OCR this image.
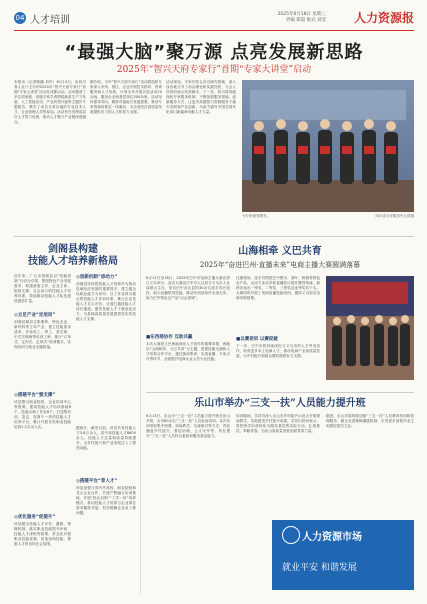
04 人才培训
2025年6月18日 星期三
责编 郑超 版式 刘莹 人力资源报
“最强大脑”聚万源 点亮发展新思路
2025年“智兴天府专家行”首期“专家大讲堂”启动
本报讯（记者陈璐 刘丹）6月13日，由四川省人社厅主办的2025年“智兴天府专家行”首期“专家大讲堂”活动在成都启动。活动邀请了多位国家级、省级专家学者围绕新质生产力发展、人工智能应用、产业转型升级等主题作专题报告，吸引了来自全省各地的专业技术人才、企业管理人员等参加。活动旨在发挥高层次人才智力优势，推动人才链与产业链深度融合。
据介绍，今年“智兴天府专家行”活动将组织专家深入市州、园区、企业开展技术指导、咨询服务和人才培养，计划全年开展各类活动20余场，服务企业和基层单位300余家。活动坚持需求导向，精准对接地方发展需要，推动专家资源向基层一线流动，为全省经济高质量发展提供有力的人才和智力支撑。
活动现场，专家们结合各自研究领域，深入浅出地分享了前沿理论和实践经验，与会人员纷纷表示收获颇丰。下一步，四川将持续深化专家服务机制，不断拓展服务领域，创新服务方式，让更多高端智力资源服务于地方发展和产业创新，为奋力谱写中国式现代化四川新篇章贡献人才力量。
为专家颁发聘书。	四川省专家服务中心供图
剑阁县构建
技能人才培养新格局
近年来，广元市剑阁县以“技能剑阁”行动为引领，围绕特色产业发展需求，构建政府主导、企业主体、院校支撑、社会参与的技能人才培养体系，持续推动技能人才队伍建设提质扩量。
◎立足产业“定培训”
剑阁县紧扣文旅康养、特色农业、新材料等主导产业，建立技能需求清单，开设电工、焊工、茶艺师、中式烹调师等培训工种，推行“订单式、定向式、定岗式”培训模式，实现培训与就业无缝衔接。
◎搭建平台“强支撑”
该县整合职业院校、企业培训中心等资源，建成技能人才培训基地8个、技能大师工作室6个，打造集培训、鉴定、竞赛于一体的技能人才培养平台，累计开展各类职业技能培训1.2万余人次。
◎优化服务“促提升”
该县健全技能人才评价、激励、保障机制，落实职业技能提升补贴、技能人才津贴等政策，常态化开展职业技能竞赛，营造崇尚技能、尊重人才的良好社会氛围。
◎创新机制“添动力”
剑阁县坚持把技能人才培养作为推动县域经济发展的重要抓手，建立健全以职业能力为导向、以工作业绩为重点的技能人才评价体系，推行企业技能人才自主评价，全面打通技能人才成长通道，激发技能人才干事创业活力，为县域高质量发展提供坚实的技能人才支撑。
据统计，截至目前，该县共有技能人才3.8万余人，其中高技能人才8600余人，技能人才总量和质量持续提升，为乡村振兴和产业发展注入了强劲动能。
◎搭建平台“育人才”
该县加强与省内外高校、职业院校和龙头企业合作，共建产教融合实训基地，开展“校企双制”“工学一体”培养模式，推动技能人才培养与企业岗位需求精准对接，有效缓解企业用工难问题。
山海相牵 义巴共育
2025年“奋进巴州·直播未来”电商主播大赛圆满落幕
6月12日至16日，2025年巴中市电商主播大赛在浙江义乌举行，此次大赛由巴中市人社局与义乌市人社局联合主办，来自巴中各区县的30余名选手同台竞技，展示直播带货技能，推动东西部协作走深走实，助力巴中特色农产品“出山进城”。
■东西部协作 互助共赢
本次大赛是义巴两地深化人才协作的重要举措，两地以“山海相牵、义巴共育”为主题，搭建技能交流和人才培养合作平台，通过赛前集训、实战直播、专家点评等环节，全面提升电商从业人员专业技能。
比赛现场，选手们围绕巴中银耳、茶叶、核桃等特色农产品，运用专业话术和直播技巧展开激烈角逐，最终评选出一等奖、二等奖、三等奖及优秀奖若干名。大赛同时开展了电商直播技能培训，邀请义乌知名电商导师授课。
■以赛促训 以赛促就
下一步，巴中市将持续深化与义乌市的人才劳务协作，培育更多本土电商人才，推动电商产业高质量发展，为乡村振兴和群众增收提供有力支撑。
乐山市举办“三支一扶”人员能力提升班
6月13日，乐山市“三支一扶”人员能力提升班在乐山开班，全市60余名“三支一扶”人员参加培训。本次培训采取集中授课、现场教学、交流研讨等方式，内容涵盖乡村振兴、基层治理、公文写作等，旨在提升“三支一扶”人员综合素质和服务基层能力。
培训期间，学员们深入乐山市乡村振兴示范点开展现场教学，实地感受乡村振兴成果。学员们纷纷表示，将把所学所获转化为服务基层的实际行动，扎根基层、奉献青春，为乐山高质量发展贡献青春力量。
据悉，乐山市将持续加强“三支一扶”人员教育培训和管理服务，健全完善保障激励机制，引导更多高校毕业生到基层建功立业。
人力资源市场
就业平安 和谐发展
